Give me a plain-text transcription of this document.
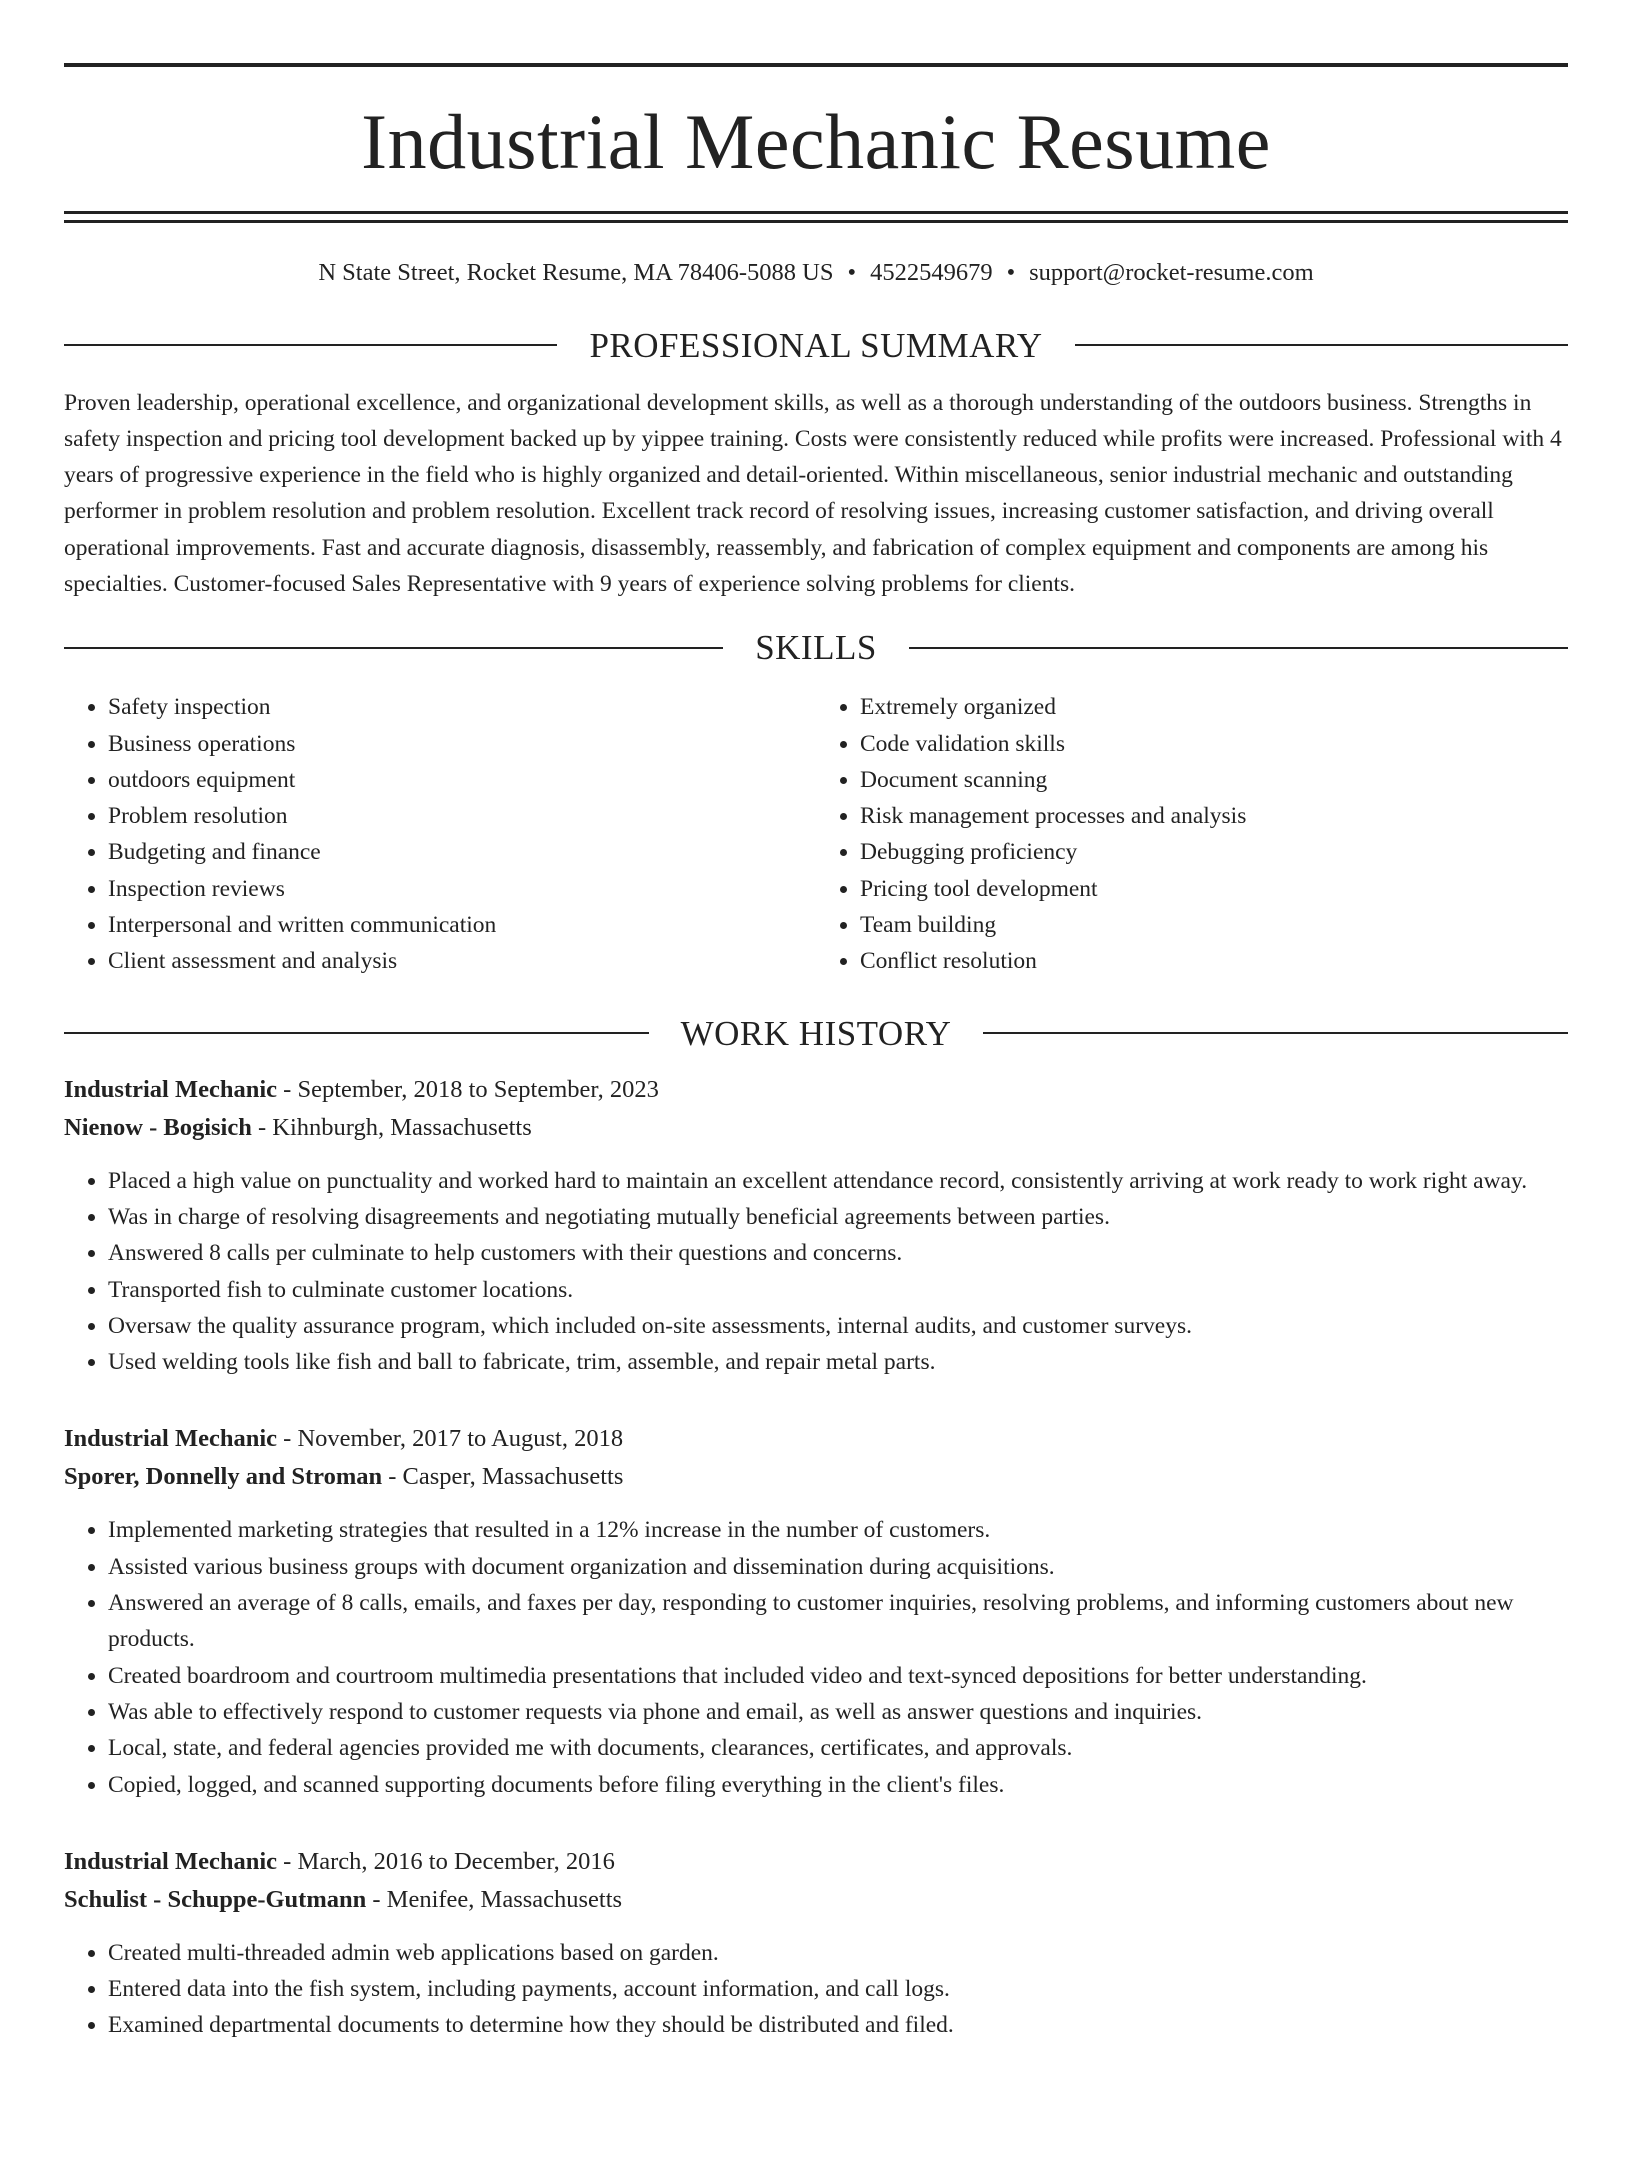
Industrial Mechanic Resume
N State Street, Rocket Resume, MA 78406-5088 US • 4522549679 • support@rocket-resume.com
PROFESSIONAL SUMMARY
Proven leadership, operational excellence, and organizational development skills, as well as a thorough understanding of the outdoors business. Strengths in safety inspection and pricing tool development backed up by yippee training. Costs were consistently reduced while profits were increased. Professional with 4 years of progressive experience in the field who is highly organized and detail-oriented. Within miscellaneous, senior industrial mechanic and outstanding performer in problem resolution and problem resolution. Excellent track record of resolving issues, increasing customer satisfaction, and driving overall operational improvements. Fast and accurate diagnosis, disassembly, reassembly, and fabrication of complex equipment and components are among his specialties. Customer-focused Sales Representative with 9 years of experience solving problems for clients.
SKILLS
• Safety inspection
• Business operations
• outdoors equipment
• Problem resolution
• Budgeting and finance
• Inspection reviews
• Interpersonal and written communication
• Client assessment and analysis
• Extremely organized
• Code validation skills
• Document scanning
• Risk management processes and analysis
• Debugging proficiency
• Pricing tool development
• Team building
• Conflict resolution
WORK HISTORY
Industrial Mechanic - September, 2018 to September, 2023
Nienow - Bogisich - Kihnburgh, Massachusetts
• Placed a high value on punctuality and worked hard to maintain an excellent attendance record, consistently arriving at work ready to work right away.
• Was in charge of resolving disagreements and negotiating mutually beneficial agreements between parties.
• Answered 8 calls per culminate to help customers with their questions and concerns.
• Transported fish to culminate customer locations.
• Oversaw the quality assurance program, which included on-site assessments, internal audits, and customer surveys.
• Used welding tools like fish and ball to fabricate, trim, assemble, and repair metal parts.
Industrial Mechanic - November, 2017 to August, 2018
Sporer, Donnelly and Stroman - Casper, Massachusetts
• Implemented marketing strategies that resulted in a 12% increase in the number of customers.
• Assisted various business groups with document organization and dissemination during acquisitions.
• Answered an average of 8 calls, emails, and faxes per day, responding to customer inquiries, resolving problems, and informing customers about new products.
• Created boardroom and courtroom multimedia presentations that included video and text-synced depositions for better understanding.
• Was able to effectively respond to customer requests via phone and email, as well as answer questions and inquiries.
• Local, state, and federal agencies provided me with documents, clearances, certificates, and approvals.
• Copied, logged, and scanned supporting documents before filing everything in the client's files.
Industrial Mechanic - March, 2016 to December, 2016
Schulist - Schuppe-Gutmann - Menifee, Massachusetts
• Created multi-threaded admin web applications based on garden.
• Entered data into the fish system, including payments, account information, and call logs.
• Examined departmental documents to determine how they should be distributed and filed.
